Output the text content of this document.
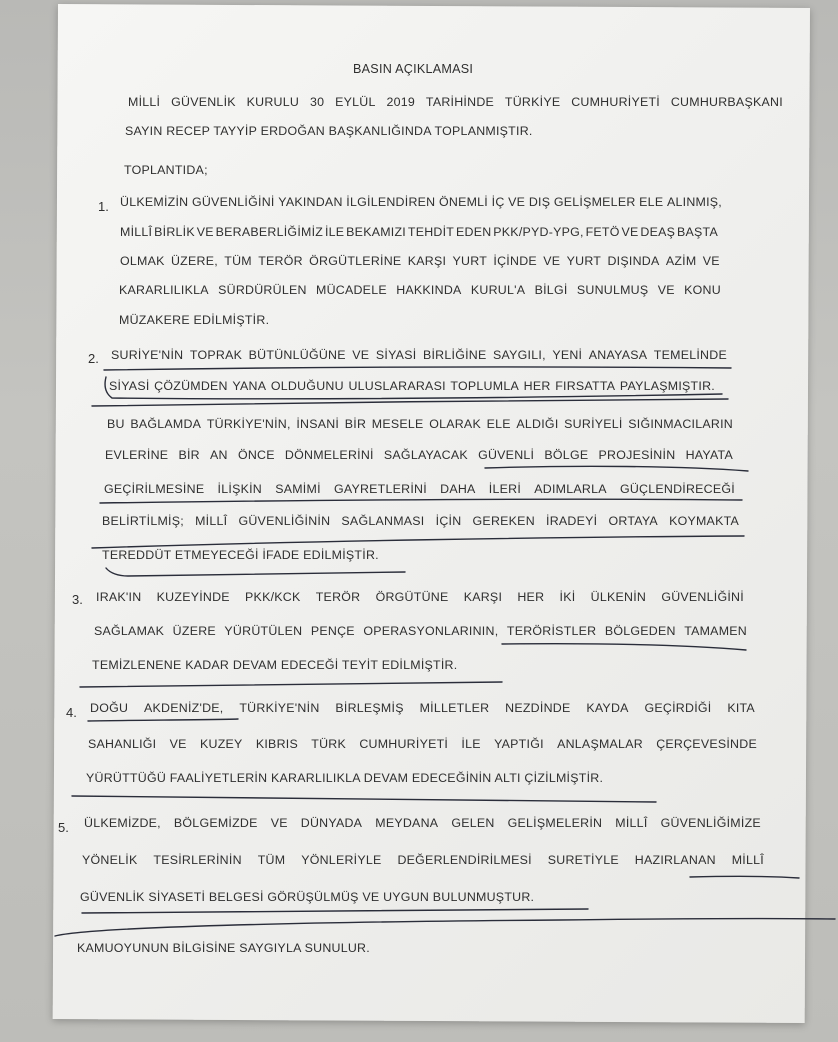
BASIN AÇIKLAMASI
MİLLİ GÜVENLİK KURULU 30 EYLÜL 2019 TARİHİNDE TÜRKİYE CUMHURİYETİ CUMHURBAŞKANI
SAYIN RECEP TAYYİP ERDOĞAN BAŞKANLIĞINDA TOPLANMIŞTIR.
TOPLANTIDA;
1. ÜLKEMİZİN GÜVENLİĞİNİ YAKINDAN İLGİLENDİREN ÖNEMLİ İÇ VE DIŞ GELİŞMELER ELE ALINMIŞ,
MİLLÎ BİRLİK VE BERABERLİĞİMİZ İLE BEKAMIZI TEHDİT EDEN PKK/PYD-YPG, FETÖ VE DEAŞ BAŞTA
OLMAK ÜZERE, TÜM TERÖR ÖRGÜTLERİNE KARŞI YURT İÇİNDE VE YURT DIŞINDA AZİM VE
KARARLILIKLA SÜRDÜRÜLEN MÜCADELE HAKKINDA KURUL'A BİLGİ SUNULMUŞ VE KONU
MÜZAKERE EDİLMİŞTİR.
2. SURİYE'NİN TOPRAK BÜTÜNLÜĞÜNE VE SİYASİ BİRLİĞİNE SAYGILI, YENİ ANAYASA TEMELİNDE
SİYASİ ÇÖZÜMDEN YANA OLDUĞUNU ULUSLARARASI TOPLUMLA HER FIRSATTA PAYLAŞMIŞTIR.
BU BAĞLAMDA TÜRKİYE'NİN, İNSANİ BİR MESELE OLARAK ELE ALDIĞI SURİYELİ SIĞINMACILARIN
EVLERİNE BİR AN ÖNCE DÖNMELERİNİ SAĞLAYACAK GÜVENLİ BÖLGE PROJESİNİN HAYATA
GEÇİRİLMESİNE İLİŞKİN SAMİMİ GAYRETLERİNİ DAHA İLERİ ADIMLARLA GÜÇLENDİRECEĞİ
BELİRTİLMİŞ; MİLLÎ GÜVENLİĞİNİN SAĞLANMASI İÇİN GEREKEN İRADEYİ ORTAYA KOYMAKTA
TEREDDÜT ETMEYECEĞİ İFADE EDİLMİŞTİR.
3. IRAK'IN KUZEYİNDE PKK/KCK TERÖR ÖRGÜTÜNE KARŞI HER İKİ ÜLKENİN GÜVENLİĞİNİ
SAĞLAMAK ÜZERE YÜRÜTÜLEN PENÇE OPERASYONLARININ, TERÖRİSTLER BÖLGEDEN TAMAMEN
TEMİZLENENE KADAR DEVAM EDECEĞİ TEYİT EDİLMİŞTİR.
4. DOĞU AKDENİZ'DE, TÜRKİYE'NİN BİRLEŞMİŞ MİLLETLER NEZDİNDE KAYDA GEÇİRDİĞİ KITA
SAHANLIĞI VE KUZEY KIBRIS TÜRK CUMHURİYETİ İLE YAPTIĞI ANLAŞMALAR ÇERÇEVESİNDE
YÜRÜTTÜĞÜ FAALİYETLERİN KARARLILIKLA DEVAM EDECEĞİNİN ALTI ÇİZİLMİŞTİR.
5. ÜLKEMİZDE, BÖLGEMİZDE VE DÜNYADA MEYDANA GELEN GELİŞMELERİN MİLLÎ GÜVENLİĞİMİZE
YÖNELİK TESİRLERİNİN TÜM YÖNLERİYLE DEĞERLENDİRİLMESİ SURETİYLE HAZIRLANAN MİLLÎ
GÜVENLİK SİYASETİ BELGESİ GÖRÜŞÜLMÜŞ VE UYGUN BULUNMUŞTUR.
KAMUOYUNUN BİLGİSİNE SAYGIYLA SUNULUR.
